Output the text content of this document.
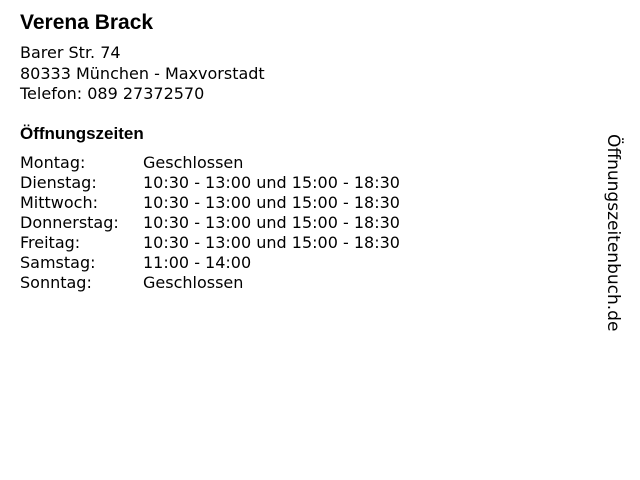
Verena Brack
Barer Str. 74
80333 München - Maxvorstadt
Telefon: 089 27372570
Öffnungszeiten
Montag:	Geschlossen
Dienstag:	10:30 - 13:00 und 15:00 - 18:30
Mittwoch:	10:30 - 13:00 und 15:00 - 18:30
Donnerstag:	10:30 - 13:00 und 15:00 - 18:30
Freitag:	10:30 - 13:00 und 15:00 - 18:30
Samstag:	11:00 - 14:00
Sonntag:	Geschlossen	Öffnungszeitenbuch.de
